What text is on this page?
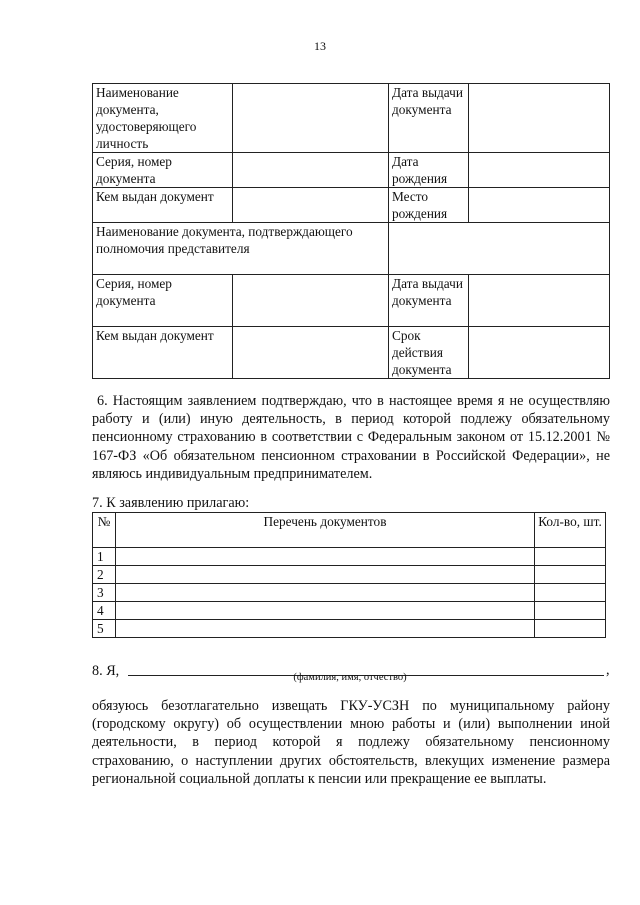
13
Наименование документа, удостоверяющего личность		Дата выдачи документа	
Серия, номер документа		Дата рождения	
Кем выдан документ		Место рождения	
Наименование документа, подтверждающего полномочия представителя			
Серия, номер документа		Дата выдачи документа	
Кем выдан документ		Срок действия документа	

6. Настоящим заявлением подтверждаю, что в настоящее время я не осуществляю работу и (или) иную деятельность, в период которой подлежу обязательному пенсионному страхованию в соответствии с Федеральным законом от 15.12.2001 № 167-ФЗ «Об обязательном пенсионном страховании в Российской Федерации», не являюсь индивидуальным предпринимателем.

7. К заявлению прилагаю:
№	Перечень документов	Кол-во, шт.
1		
2		
3		
4		
5		
8. Я,	,
(фамилия, имя, отчество)

обязуюсь безотлагательно извещать ГКУ-УСЗН по муниципальному району (городскому округу) об осуществлении мною работы и (или) выполнении иной деятельности, в период которой я подлежу обязательному пенсионному страхованию, о наступлении других обстоятельств, влекущих изменение размера региональной социальной доплаты к пенсии или прекращение ее выплаты.
